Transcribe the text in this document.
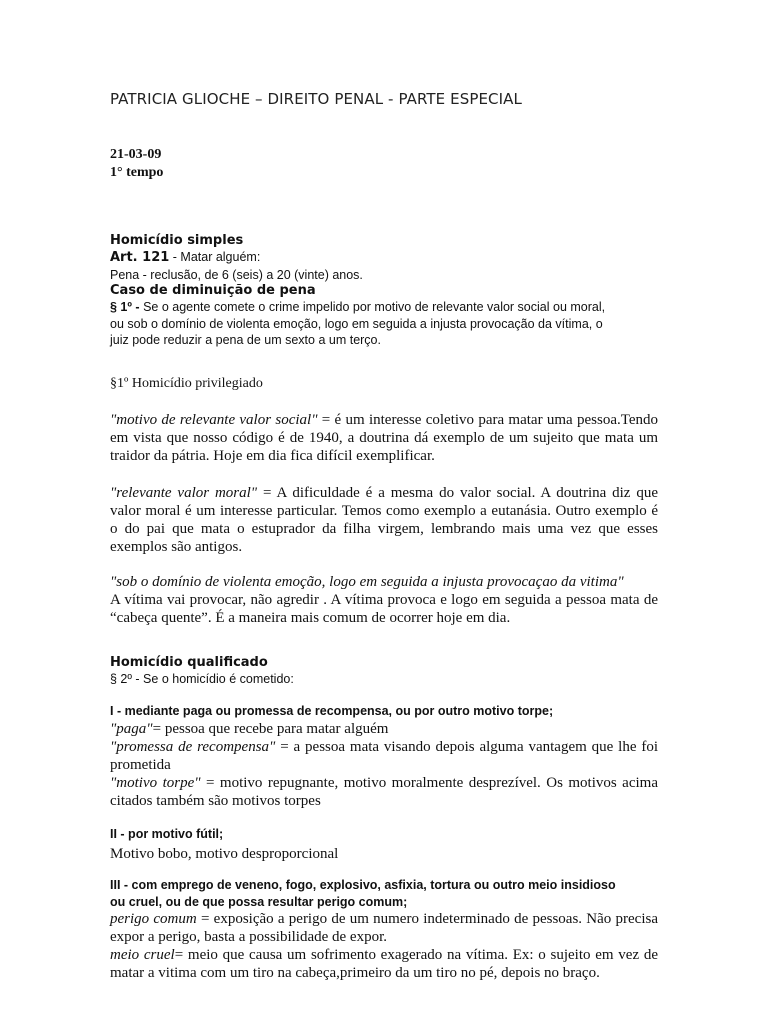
PATRICIA GLIOCHE – DIREITO PENAL - PARTE ESPECIAL
21-03-09
1° tempo
Homicídio simples
Art. 121 - Matar alguém:
Pena - reclusão, de 6 (seis) a 20 (vinte) anos.
Caso de diminuição de pena
§ 1º - Se o agente comete o crime impelido por motivo de relevante valor social ou moral,
ou sob o domínio de violenta emoção, logo em seguida a injusta provocação da vítima, o
juiz pode reduzir a pena de um sexto a um terço.
§1º Homicídio privilegiado

"motivo de relevante valor social" = é um interesse coletivo para matar uma pessoa.Tendo em vista que nosso código é de 1940, a doutrina dá exemplo de um sujeito que mata um traidor da pátria. Hoje em dia fica difícil exemplificar.

"relevante valor moral" = A dificuldade é a mesma do valor social. A doutrina diz que valor moral é um interesse particular. Temos como exemplo a eutanásia. Outro exemplo é o do pai que mata o estuprador da filha virgem, lembrando mais uma vez que esses exemplos são antigos.

"sob o domínio de violenta emoção, logo em seguida a injusta provocaçao da vitima"

A vítima vai provocar, não agredir . A vítima provoca e logo em seguida a pessoa mata de “cabeça quente”. É a maneira mais comum de ocorrer hoje em dia.

Homicídio qualificado
§ 2º - Se o homicídio é cometido:
I - mediante paga ou promessa de recompensa, ou por outro motivo torpe;
"paga"= pessoa que recebe para matar alguém

"promessa de recompensa" = a pessoa mata visando depois alguma vantagem que lhe foi prometida

"motivo torpe" = motivo repugnante, motivo moralmente desprezível. Os motivos acima citados também são motivos torpes

II - por motivo fútil;
Motivo bobo, motivo desproporcional
III - com emprego de veneno, fogo, explosivo, asfixia, tortura ou outro meio insidioso
ou cruel, ou de que possa resultar perigo comum;

perigo comum = exposição a perigo de um numero indeterminado de pessoas. Não precisa expor a perigo, basta a possibilidade de expor.

meio cruel= meio que causa um sofrimento exagerado na vítima. Ex: o sujeito em vez de matar a vitima com um tiro na cabeça,primeiro da um tiro no pé, depois no braço.
